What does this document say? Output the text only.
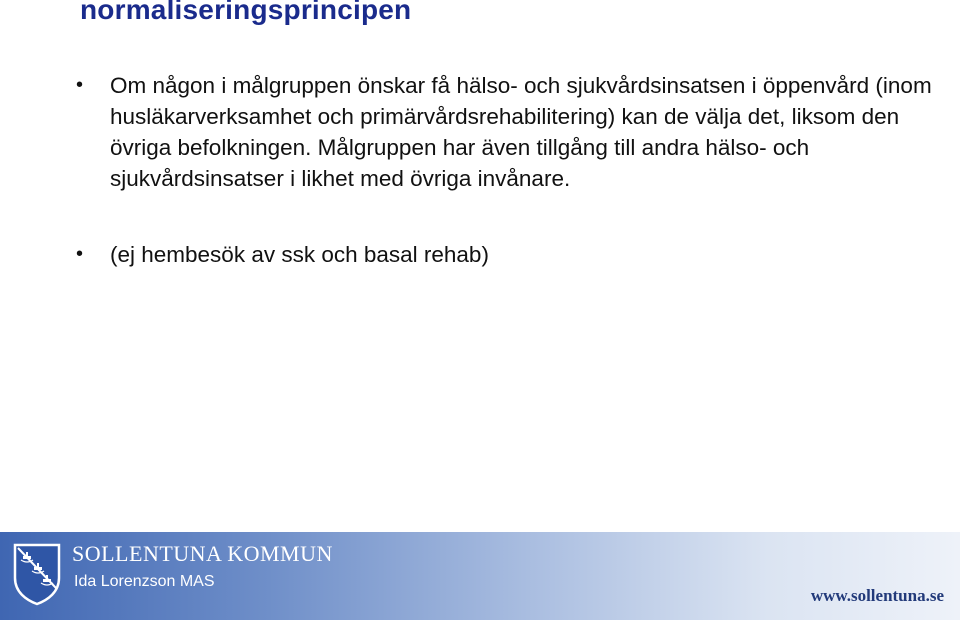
normaliseringsprincipen
• Om någon i målgruppen önskar få hälso- och sjukvårdsinsatsen i öppenvård (inom husläkarverksamhet och primärvårdsrehabilitering) kan de välja det, liksom den övriga befolkningen. Målgruppen har även tillgång till andra hälso- och sjukvårdsinsatser i likhet med övriga invånare.
• (ej hembesök av ssk och basal rehab)
SOLLENTUNA KOMMUN
Ida Lorenzson MAS
www.sollentuna.se
